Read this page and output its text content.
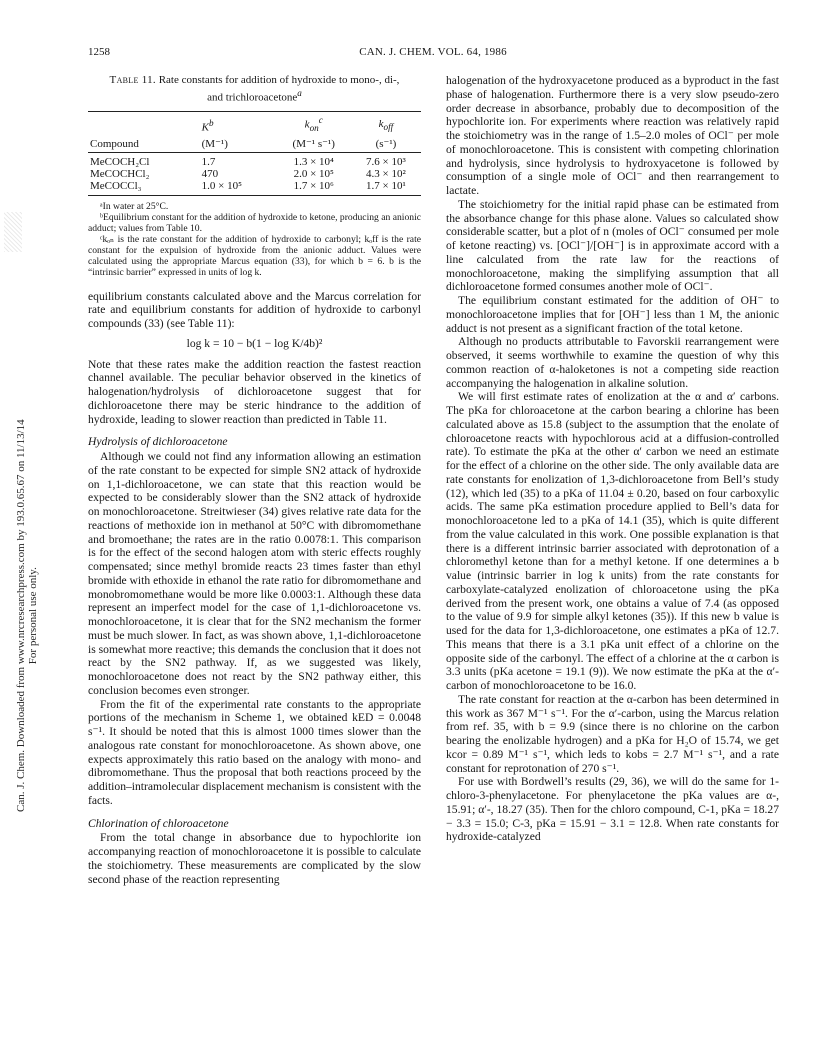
Can. J. Chem. Downloaded from www.nrcresearchpress.com by 193.0.65.67 on 11/13/14 For personal use only.
1258	CAN. J. CHEM. VOL. 64, 1986
Table 11. Rate constants for addition of hydroxide to mono-, di-,
and trichloroacetone$^a$
	$K^b$	$k_{on}^c$	$k_{off}$
Compound	(M⁻¹)	(M⁻¹ s⁻¹)	(s⁻¹)
MeCOCH₂Cl	1.7	1.3 × 10⁴	7.6 × 10³
MeCOCHCl₂	470	2.0 × 10⁵	4.3 × 10²
MeCOCCl₃	1.0 × 10⁵	1.7 × 10⁶	1.7 × 10¹

ᵃIn water at 25°C.

ᵇEquilibrium constant for the addition of hydroxide to ketone, producing an anionic adduct; values from Table 10.

ᶜkₒₙ is the rate constant for the addition of hydroxide to carbonyl; kₒff is the rate constant for the expulsion of hydroxide from the anionic adduct. Values were calculated using the appropriate Marcus equation (33), for which b = 6. b is the “intrinsic barrier” expressed in units of log k.

equilibrium constants calculated above and the Marcus correlation for rate and equilibrium constants for addition of hydroxide to carbonyl compounds (33) (see Table 11):

log k = 10 − b(1 − log K/4b)²

Note that these rates make the addition reaction the fastest reaction channel available. The peculiar behavior observed in the kinetics of halogenation/hydrolysis of dichloroacetone suggest that for dichloroacetone there may be steric hindrance to the addition of hydroxide, leading to slower reaction than predicted in Table 11.

Hydrolysis of dichloroacetone

Although we could not find any information allowing an estimation of the rate constant to be expected for simple SN2 attack of hydroxide on 1,1-dichloroacetone, we can state that this reaction would be expected to be considerably slower than the SN2 attack of hydroxide on monochloroacetone. Streitwieser (34) gives relative rate data for the reactions of methoxide ion in methanol at 50°C with dibromomethane and bromoethane; the rates are in the ratio 0.0078:1. This comparison is for the effect of the second halogen atom with steric effects roughly compensated; since methyl bromide reacts 23 times faster than ethyl bromide with ethoxide in ethanol the rate ratio for dibromomethane and monobromomethane would be more like 0.0003:1. Although these data represent an imperfect model for the case of 1,1-dichloroacetone vs. monochloroacetone, it is clear that for the SN2 mechanism the former must be much slower. In fact, as was shown above, 1,1-dichloroacetone is somewhat more reactive; this demands the conclusion that it does not react by the SN2 pathway. If, as we suggested was likely, monochloroacetone does not react by the SN2 pathway either, this conclusion becomes even stronger.

From the fit of the experimental rate constants to the appropriate portions of the mechanism in Scheme 1, we obtained kED = 0.0048 s⁻¹. It should be noted that this is almost 1000 times slower than the analogous rate constant for monochloroacetone. As shown above, one expects approximately this ratio based on the analogy with mono- and dibromomethane. Thus the proposal that both reactions proceed by the addition–intramolecular displacement mechanism is consistent with the facts.

Chlorination of chloroacetone

From the total change in absorbance due to hypochlorite ion accompanying reaction of monochloroacetone it is possible to calculate the stoichiometry. These measurements are complicated by the slow second phase of the reaction representing

halogenation of the hydroxyacetone produced as a byproduct in the fast phase of halogenation. Furthermore there is a very slow pseudo-zero order decrease in absorbance, probably due to decomposition of the hypochlorite ion. For experiments where reaction was relatively rapid the stoichiometry was in the range of 1.5–2.0 moles of OCl⁻ per mole of monochloroacetone. This is consistent with competing chlorination and hydrolysis, since hydrolysis to hydroxyacetone is followed by consumption of a single mole of OCl⁻ and then rearrangement to lactate.

The stoichiometry for the initial rapid phase can be estimated from the absorbance change for this phase alone. Values so calculated show considerable scatter, but a plot of n (moles of OCl⁻ consumed per mole of ketone reacting) vs. [OCl⁻]/[OH⁻] is in approximate accord with a line calculated from the rate law for the reactions of monochloroacetone, making the simplifying assumption that all dichloroacetone formed consumes another mole of OCl⁻.

The equilibrium constant estimated for the addition of OH⁻ to monochloroacetone implies that for [OH⁻] less than 1 M, the anionic adduct is not present as a significant fraction of the total ketone.

Although no products attributable to Favorskii rearrangement were observed, it seems worthwhile to examine the question of why this common reaction of α-haloketones is not a competing side reaction accompanying the halogenation in alkaline solution.

We will first estimate rates of enolization at the α and α′ carbons. The pKa for chloroacetone at the carbon bearing a chlorine has been calculated above as 15.8 (subject to the assumption that the enolate of chloroacetone reacts with hypochlorous acid at a diffusion-controlled rate). To estimate the pKa at the other α′ carbon we need an estimate for the effect of a chlorine on the other side. The only available data are rate constants for enolization of 1,3-dichloroacetone from Bell’s study (12), which led (35) to a pKa of 11.04 ± 0.20, based on four carboxylic acids. The same pKa estimation procedure applied to Bell’s data for monochloroacetone led to a pKa of 14.1 (35), which is quite different from the value calculated in this work. One possible explanation is that there is a different intrinsic barrier associated with deprotonation of a chloromethyl ketone than for a methyl ketone. If one determines a b value (intrinsic barrier in log k units) from the rate constants for carboxylate-catalyzed enolization of chloroacetone using the pKa derived from the present work, one obtains a value of 7.4 (as opposed to the value of 9.9 for simple alkyl ketones (35)). If this new b value is used for the data for 1,3-dichloroacetone, one estimates a pKa of 12.7. This means that there is a 3.1 pKa unit effect of a chlorine on the opposite side of the carbonyl. The effect of a chlorine at the α carbon is 3.3 units (pKa acetone = 19.1 (9)). We now estimate the pKa at the α′-carbon of monochloroacetone to be 16.0.

The rate constant for reaction at the α-carbon has been determined in this work as 367 M⁻¹ s⁻¹. For the α′-carbon, using the Marcus relation from ref. 35, with b = 9.9 (since there is no chlorine on the carbon bearing the enolizable hydrogen) and a pKa for H₂O of 15.74, we get kcor = 0.89 M⁻¹ s⁻¹, which leds to kobs = 2.7 M⁻¹ s⁻¹, and a rate constant for reprotonation of 270 s⁻¹.

For use with Bordwell’s results (29, 36), we will do the same for 1-chloro-3-phenylacetone. For phenylacetone the pKa values are α-, 15.91; α′-, 18.27 (35). Then for the chloro compound, C-1, pKa = 18.27 − 3.3 = 15.0; C-3, pKa = 15.91 − 3.1 = 12.8. When rate constants for hydroxide-catalyzed
